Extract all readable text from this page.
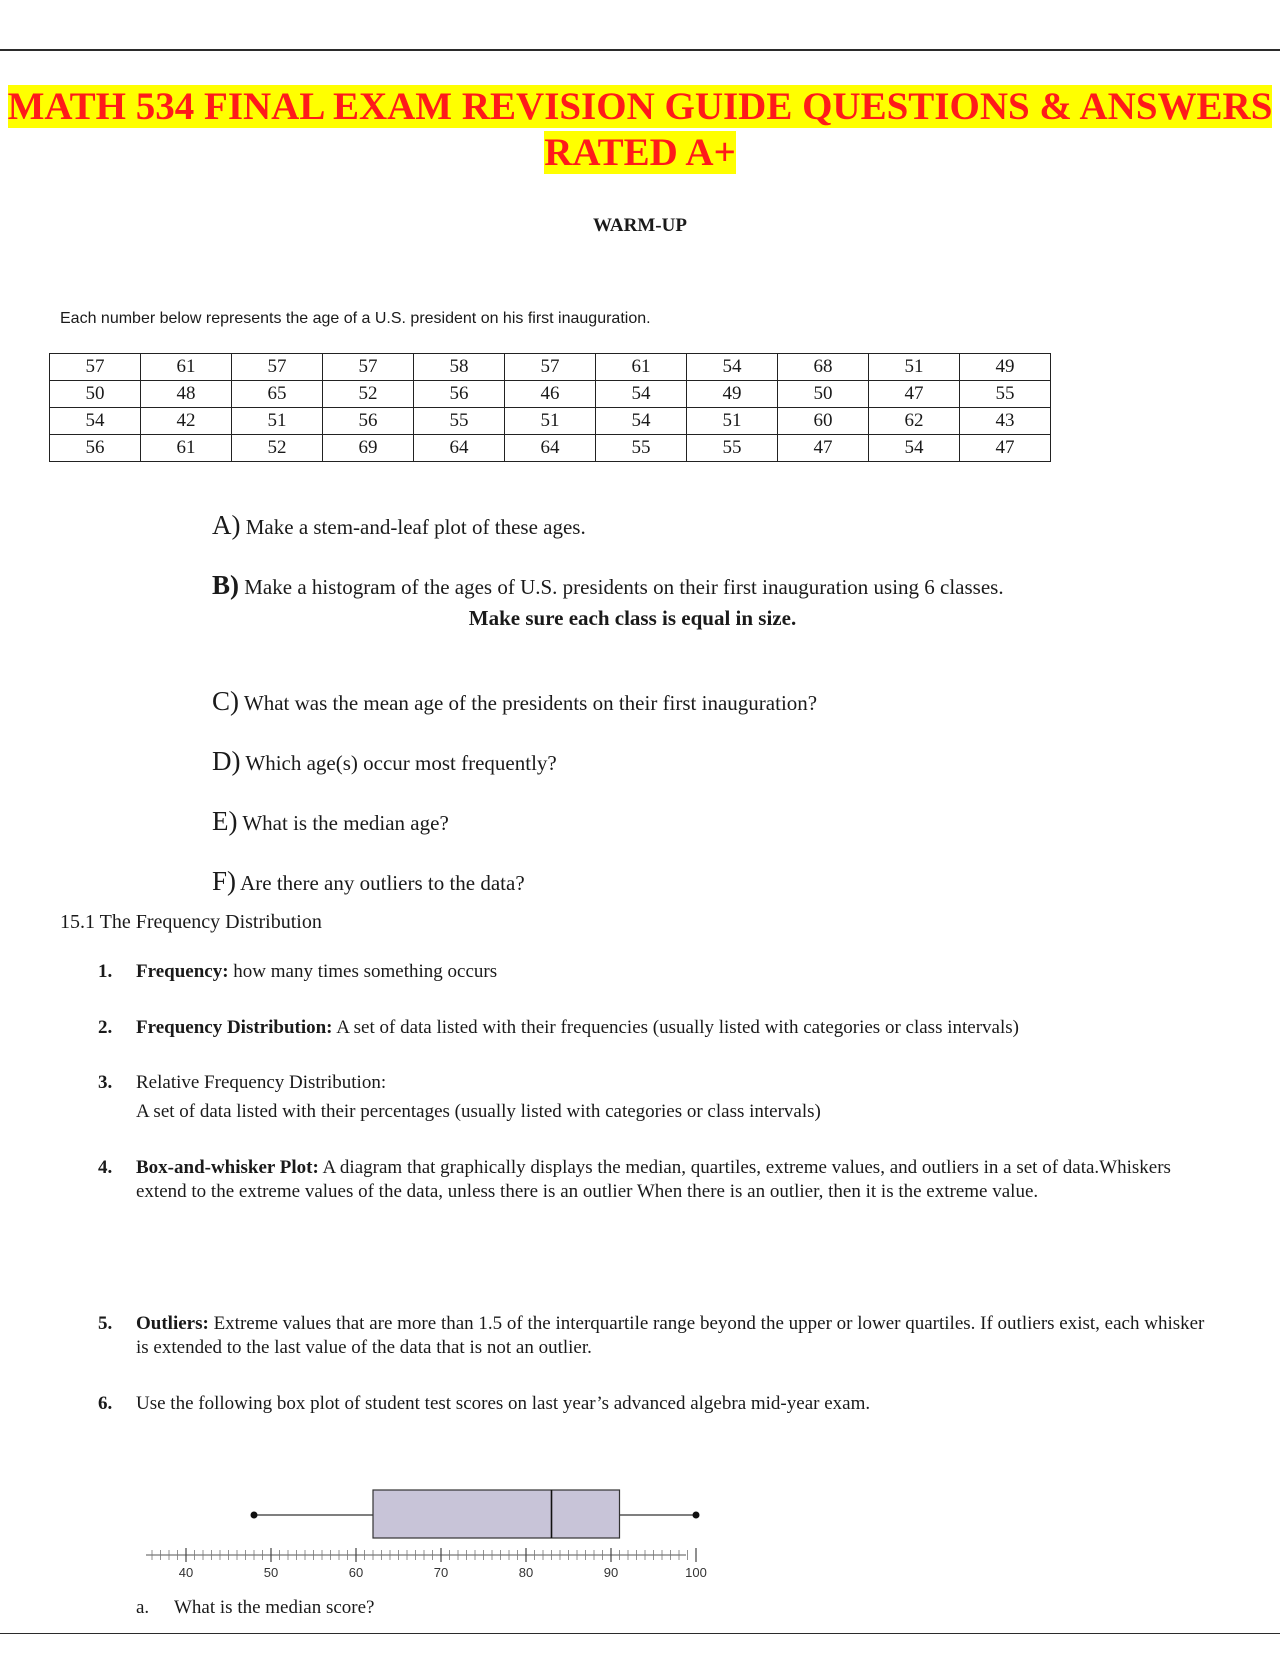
MATH 534 FINAL EXAM REVISION GUIDE QUESTIONS & ANSWERS
RATED A+
WARM-UP
Each number below represents the age of a U.S. president on his first inauguration.
57	61	57	57	58	57	61	54	68	51	49
50	48	65	52	56	46	54	49	50	47	55
54	42	51	56	55	51	54	51	60	62	43
56	61	52	69	64	64	55	55	47	54	47
A) Make a stem-and-leaf plot of these ages.
B) Make a histogram of the ages of U.S. presidents on their first inauguration using 6 classes.
Make sure each class is equal in size.
C) What was the mean age of the presidents on their first inauguration?
D) Which age(s) occur most frequently?
E) What is the median age?
F) Are there any outliers to the data?
15.1 The Frequency Distribution
1. Frequency: how many times something occurs
2. Frequency Distribution: A set of data listed with their frequencies (usually listed with categories or class intervals)
3. Relative Frequency Distribution:
A set of data listed with their percentages (usually listed with categories or class intervals)
4. Box-and-whisker Plot: A diagram that graphically displays the median, quartiles, extreme values, and outliers in a set of data.Whiskers extend to the extreme values of the data, unless there is an outlier When there is an outlier, then it is the extreme value.
5. Outliers: Extreme values that are more than 1.5 of the interquartile range beyond the upper or lower quartiles. If outliers exist, each whisker is extended to the last value of the data that is not an outlier.
6. Use the following box plot of student test scores on last year’s advanced algebra mid-year exam.
40	50	60	70	80	90	100
a. What is the median score?
